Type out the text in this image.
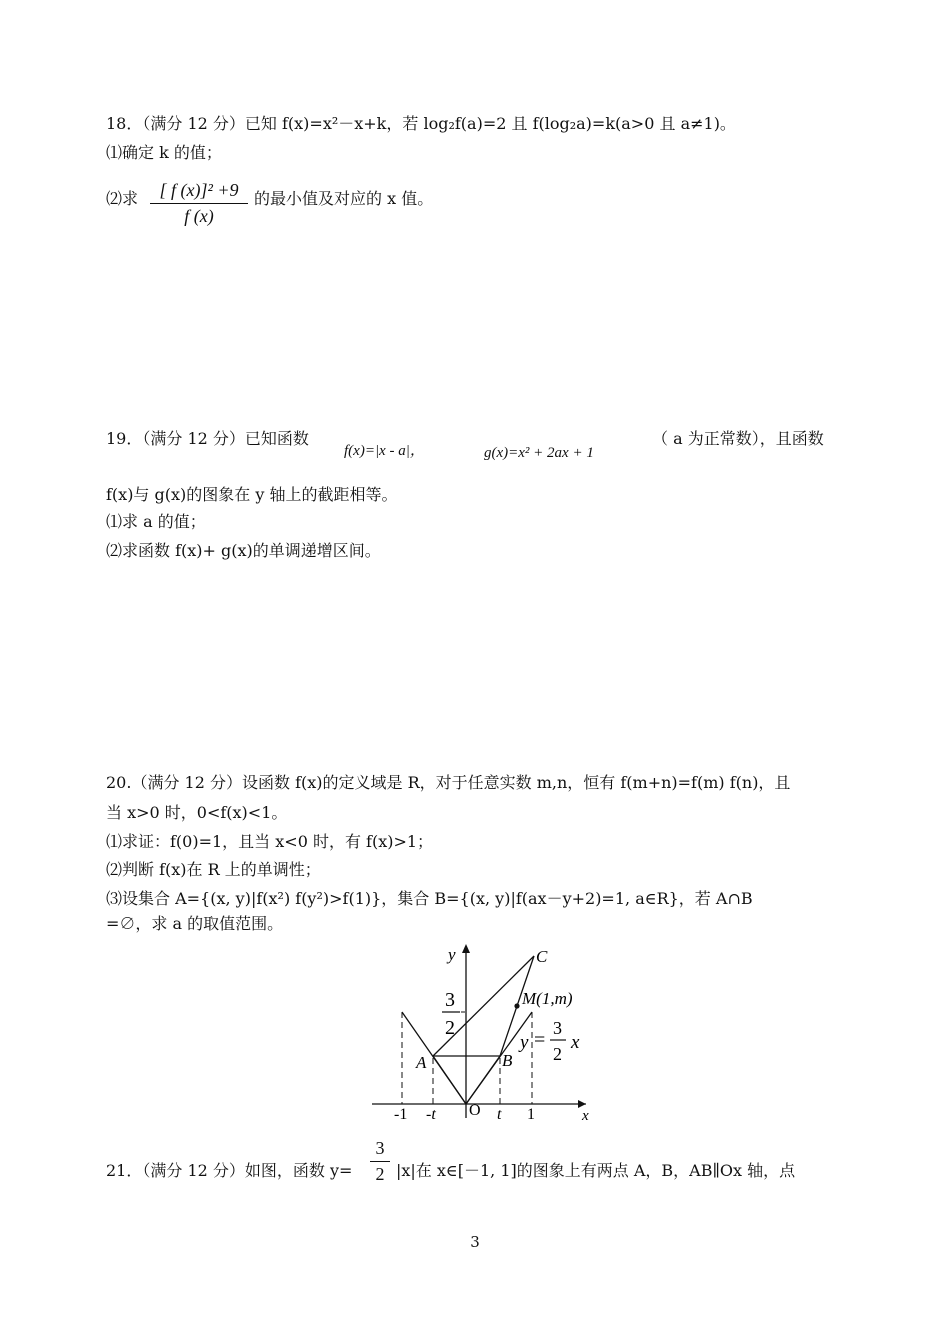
18．（满分 12 分）已知 f(x)=x²－x+k，若 log₂f(a)=2 且 f(log₂a)=k(a>0 且 a≠1)。
⑴确定 k 的值；
⑵求	[ f (x)]² +9
f (x)
的最小值及对应的 x 值。
19．（满分 12 分）已知函数
f(x)=|x - a|，	g(x)=x² + 2ax + 1
（ a 为正常数），且函数
f(x)与 g(x)的图象在 y 轴上的截距相等。
⑴求 a 的值；
⑵求函数 f(x)+ g(x)的单调递增区间。
20.（满分 12 分）设函数 f(x)的定义域是 R，对于任意实数 m,n，恒有 f(m+n)=f(m) f(n)，且
当 x>0 时，0<f(x)<1。
⑴求证：f(0)=1，且当 x<0 时，有 f(x)>1；
⑵判断 f(x)在 R 上的单调性；
⑶设集合 A={(x, y)|f(x²) f(y²)>f(1)}，集合 B={(x, y)|f(ax－y+2)=1, a∈R}，若 A∩B
=∅，求 a 的取值范围。
y
x
C
M(1,m)
A	B
3
2
y =
3
2
x
-1 -t O t 1
21．（满分 12 分）如图，函数 y=
3
2 |x|在 x∈[－1, 1]的图象上有两点 A，B，AB∥Ox 轴，点
3
